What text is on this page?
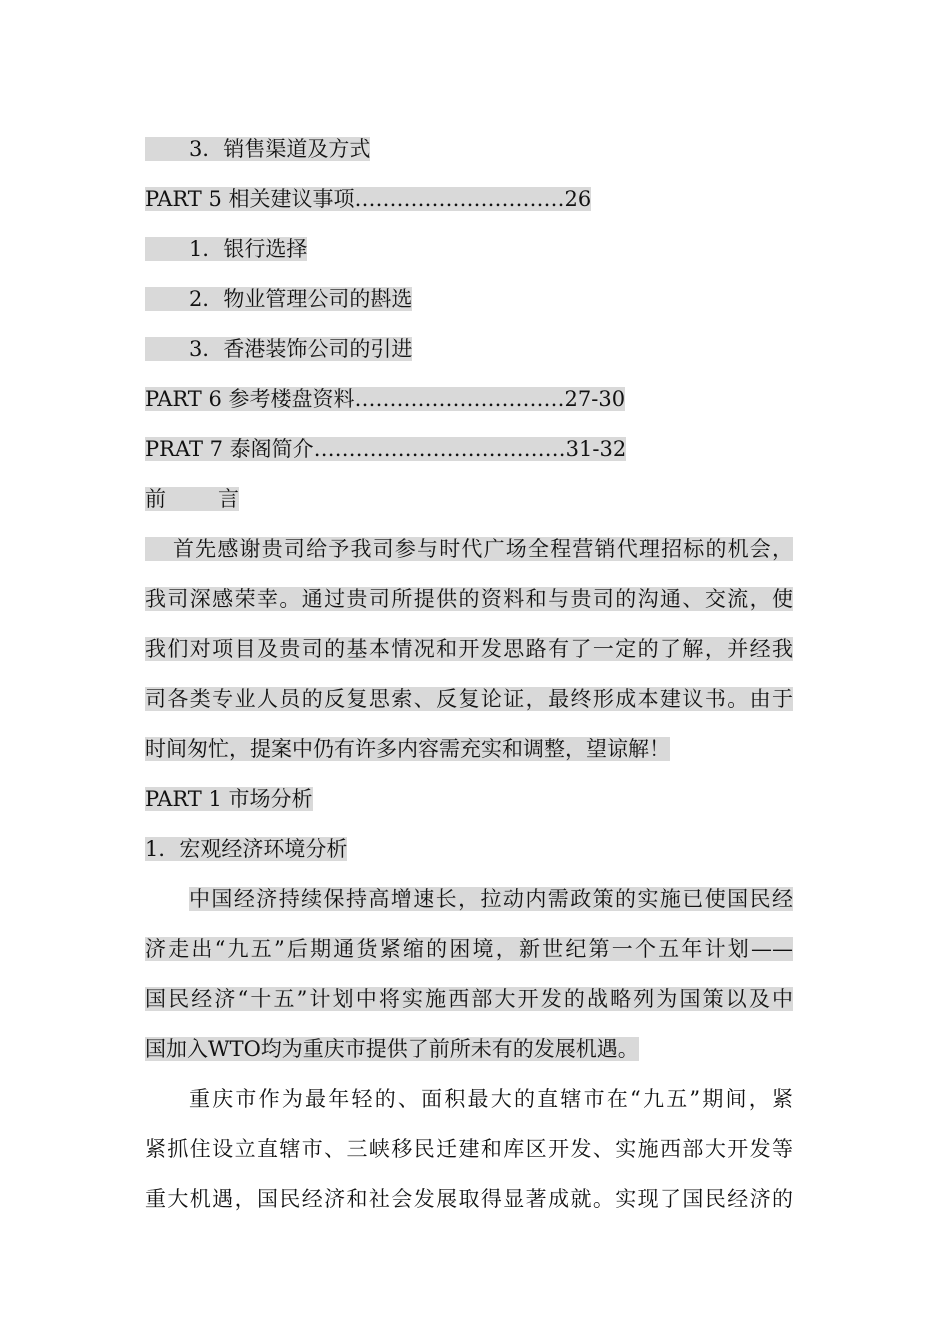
3．销售渠道及方式
PART 5 相关建议事项…………………………26
1．银行选择
2．物业管理公司的斟选
3．香港装饰公司的引进
PART 6 参考楼盘资料…………………………27-30
PRAT 7 泰阁简介………………………………31-32
前 言
首先感谢贵司给予我司参与时代广场全程营销代理招标的机会，
我司深感荣幸。通过贵司所提供的资料和与贵司的沟通、交流，使
我们对项目及贵司的基本情况和开发思路有了一定的了解，并经我
司各类专业人员的反复思索、反复论证，最终形成本建议书。由于
时间匆忙，提案中仍有许多内容需充实和调整，望谅解！
PART 1 市场分析
1．宏观经济环境分析
中国经济持续保持高增速长，拉动内需政策的实施已使国民经
济走出“九五”后期通货紧缩的困境，新世纪第一个五年计划——
国民经济“十五”计划中将实施西部大开发的战略列为国策以及中
国加入WTO均为重庆市提供了前所未有的发展机遇。
重庆市作为最年轻的、面积最大的直辖市在“九五”期间，紧
紧抓住设立直辖市、三峡移民迁建和库区开发、实施西部大开发等
重大机遇，国民经济和社会发展取得显著成就。实现了国民经济的
